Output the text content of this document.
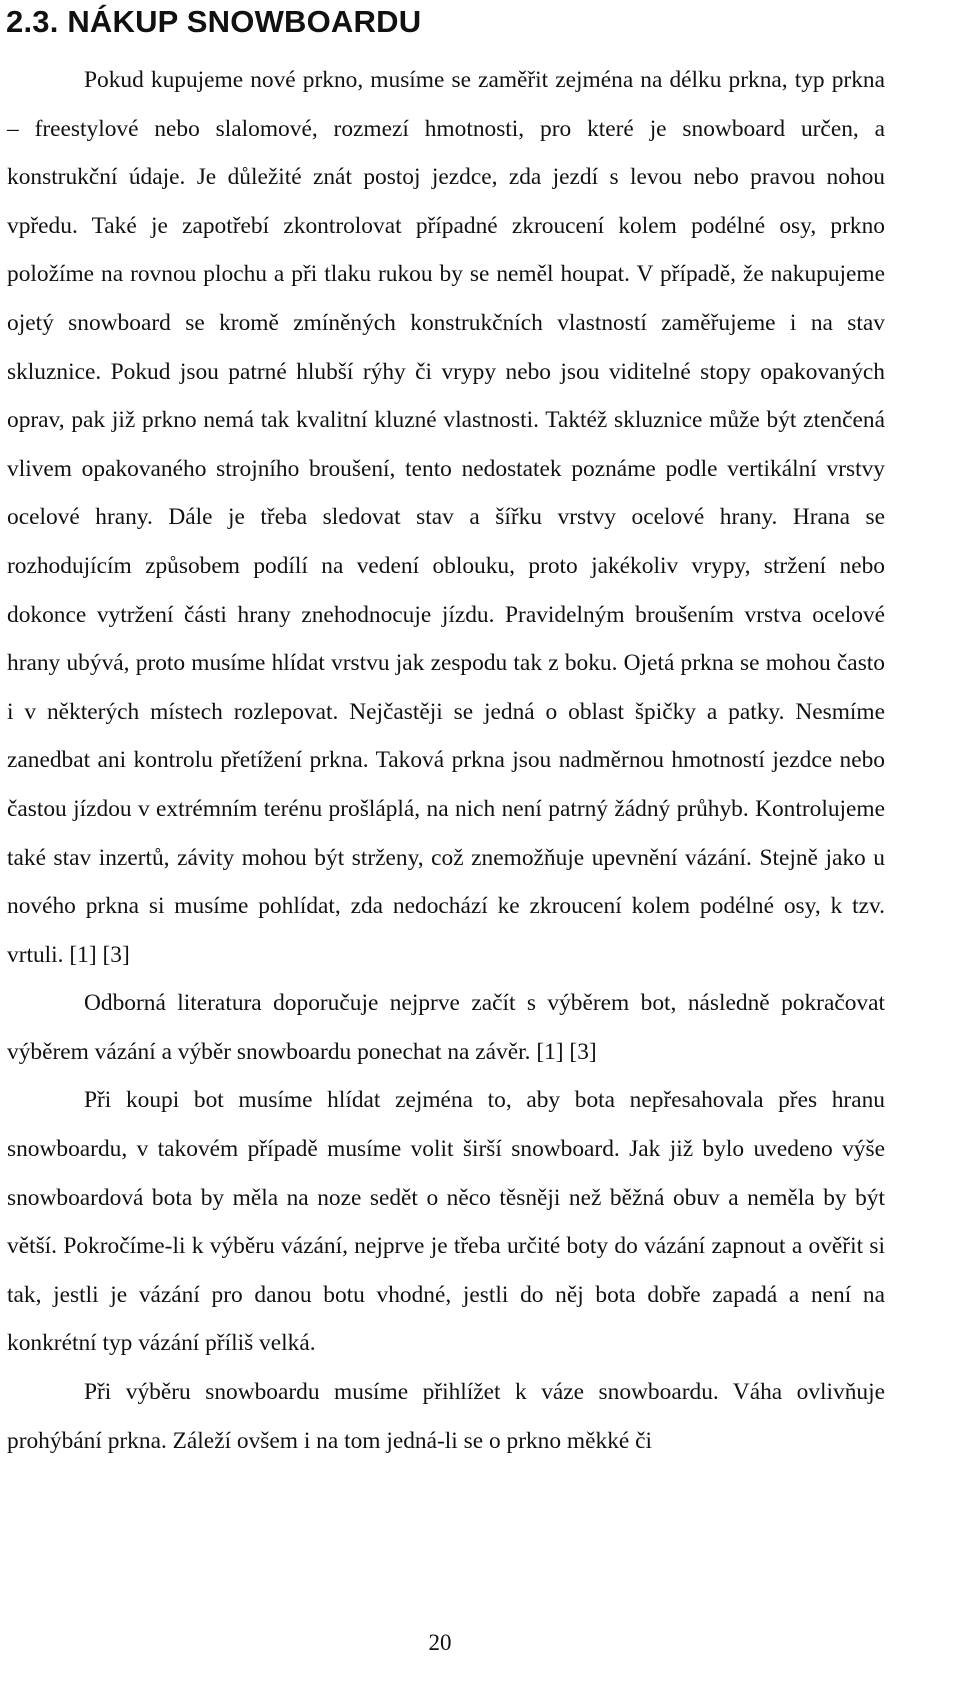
2.3. NÁKUP SNOWBOARDU

Pokud kupujeme nové prkno, musíme se zaměřit zejména na délku prkna, typ prkna – freestylové nebo slalomové, rozmezí hmotnosti, pro které je snowboard určen, a konstrukční údaje. Je důležité znát postoj jezdce, zda jezdí s levou nebo pravou nohou vpředu. Také je zapotřebí zkontrolovat případné zkroucení kolem podélné osy, prkno položíme na rovnou plochu a při tlaku rukou by se neměl houpat. V případě, že nakupujeme ojetý snowboard se kromě zmíněných konstrukčních vlastností zaměřujeme i na stav skluznice. Pokud jsou patrné hlubší rýhy či vrypy nebo jsou viditelné stopy opakovaných oprav, pak již prkno nemá tak kvalitní kluzné vlastnosti. Taktéž skluznice může být ztenčená vlivem opakovaného strojního broušení, tento nedostatek poznáme podle vertikální vrstvy ocelové hrany. Dále je třeba sledovat stav a šířku vrstvy ocelové hrany. Hrana se rozhodujícím způsobem podílí na vedení oblouku, proto jakékoliv vrypy, stržení nebo dokonce vytržení části hrany znehodnocuje jízdu. Pravidelným broušením vrstva ocelové hrany ubývá, proto musíme hlídat vrstvu jak zespodu tak z boku. Ojetá prkna se mohou často i v některých místech rozlepovat. Nejčastěji se jedná o oblast špičky a patky. Nesmíme zanedbat ani kontrolu přetížení prkna. Taková prkna jsou nadměrnou hmotností jezdce nebo častou jízdou v extrémním terénu prošláplá, na nich není patrný žádný průhyb. Kontrolujeme také stav inzertů, závity mohou být strženy, což znemožňuje upevnění vázání. Stejně jako u nového prkna si musíme pohlídat, zda nedochází ke zkroucení kolem podélné osy, k tzv. vrtuli. [1] [3]

Odborná literatura doporučuje nejprve začít s výběrem bot, následně pokračovat výběrem vázání a výběr snowboardu ponechat na závěr. [1] [3]

Při koupi bot musíme hlídat zejména to, aby bota nepřesahovala přes hranu snowboardu, v takovém případě musíme volit širší snowboard. Jak již bylo uvedeno výše snowboardová bota by měla na noze sedět o něco těsněji než běžná obuv a neměla by být větší. Pokročíme-li k výběru vázání, nejprve je třeba určité boty do vázání zapnout a ověřit si tak, jestli je vázání pro danou botu vhodné, jestli do něj bota dobře zapadá a není na konkrétní typ vázání příliš velká.

Při výběru snowboardu musíme přihlížet k váze snowboardu. Váha ovlivňuje prohýbání prkna. Záleží ovšem i na tom jedná-li se o prkno měkké či

20
